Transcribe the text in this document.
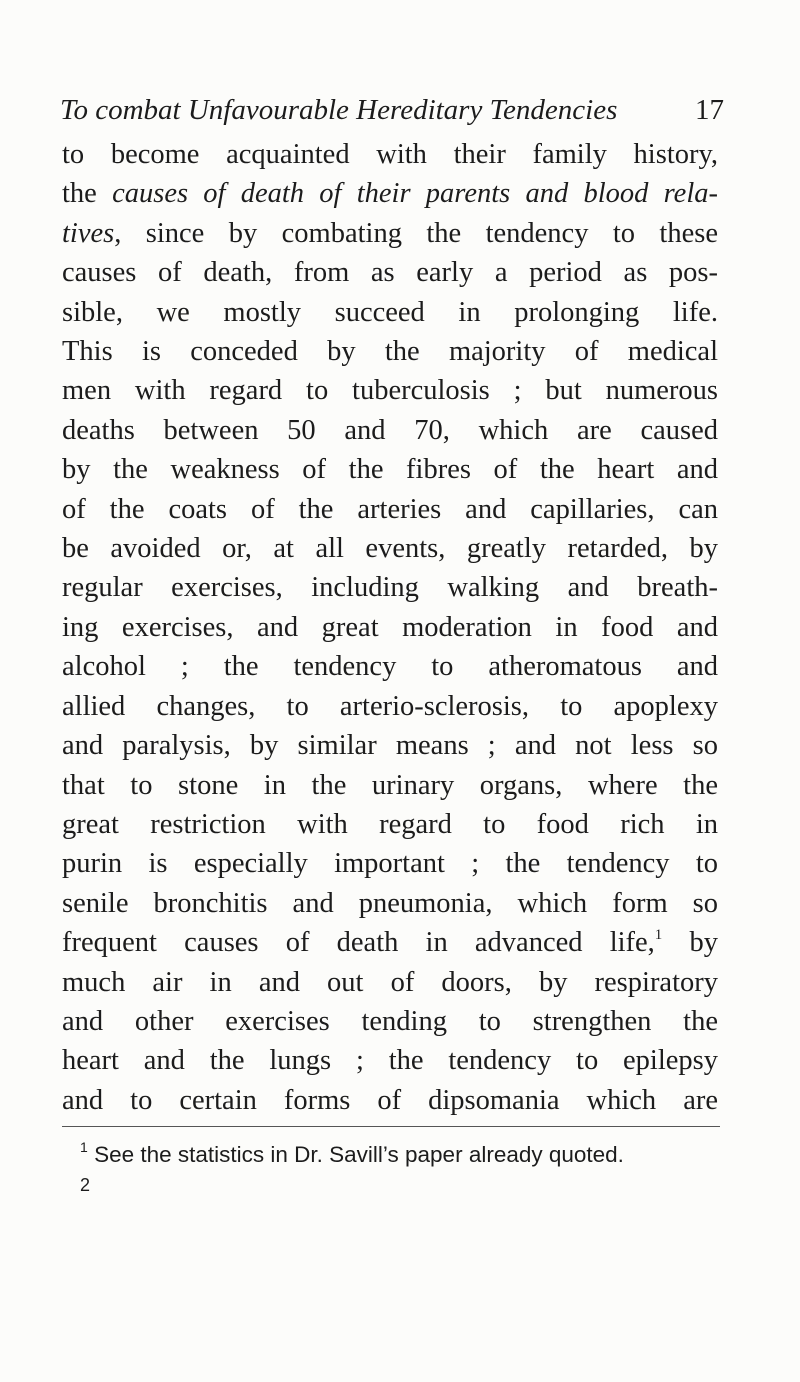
To combat Unfavourable Hereditary Tendencies	17
to become acquainted with their family history,
the causes of death of their parents and blood rela-
tives, since by combating the tendency to these
causes of death, from as early a period as pos-
sible, we mostly succeed in prolonging life.
This is conceded by the majority of medical
men with regard to tuberculosis ; but numerous
deaths between 50 and 70, which are caused
by the weakness of the fibres of the heart and
of the coats of the arteries and capillaries, can
be avoided or, at all events, greatly retarded, by
regular exercises, including walking and breath-
ing exercises, and great moderation in food and
alcohol ; the tendency to atheromatous and
allied changes, to arterio-sclerosis, to apoplexy
and paralysis, by similar means ; and not less so
that to stone in the urinary organs, where the
great restriction with regard to food rich in
purin is especially important ; the tendency to
senile bronchitis and pneumonia, which form so
frequent causes of death in advanced life,$^1$ by
much air in and out of doors, by respiratory
and other exercises tending to strengthen the
heart and the lungs ; the tendency to epilepsy
and to certain forms of dipsomania which are
$^1$ See the statistics in Dr. Savill’s paper already quoted.
2
